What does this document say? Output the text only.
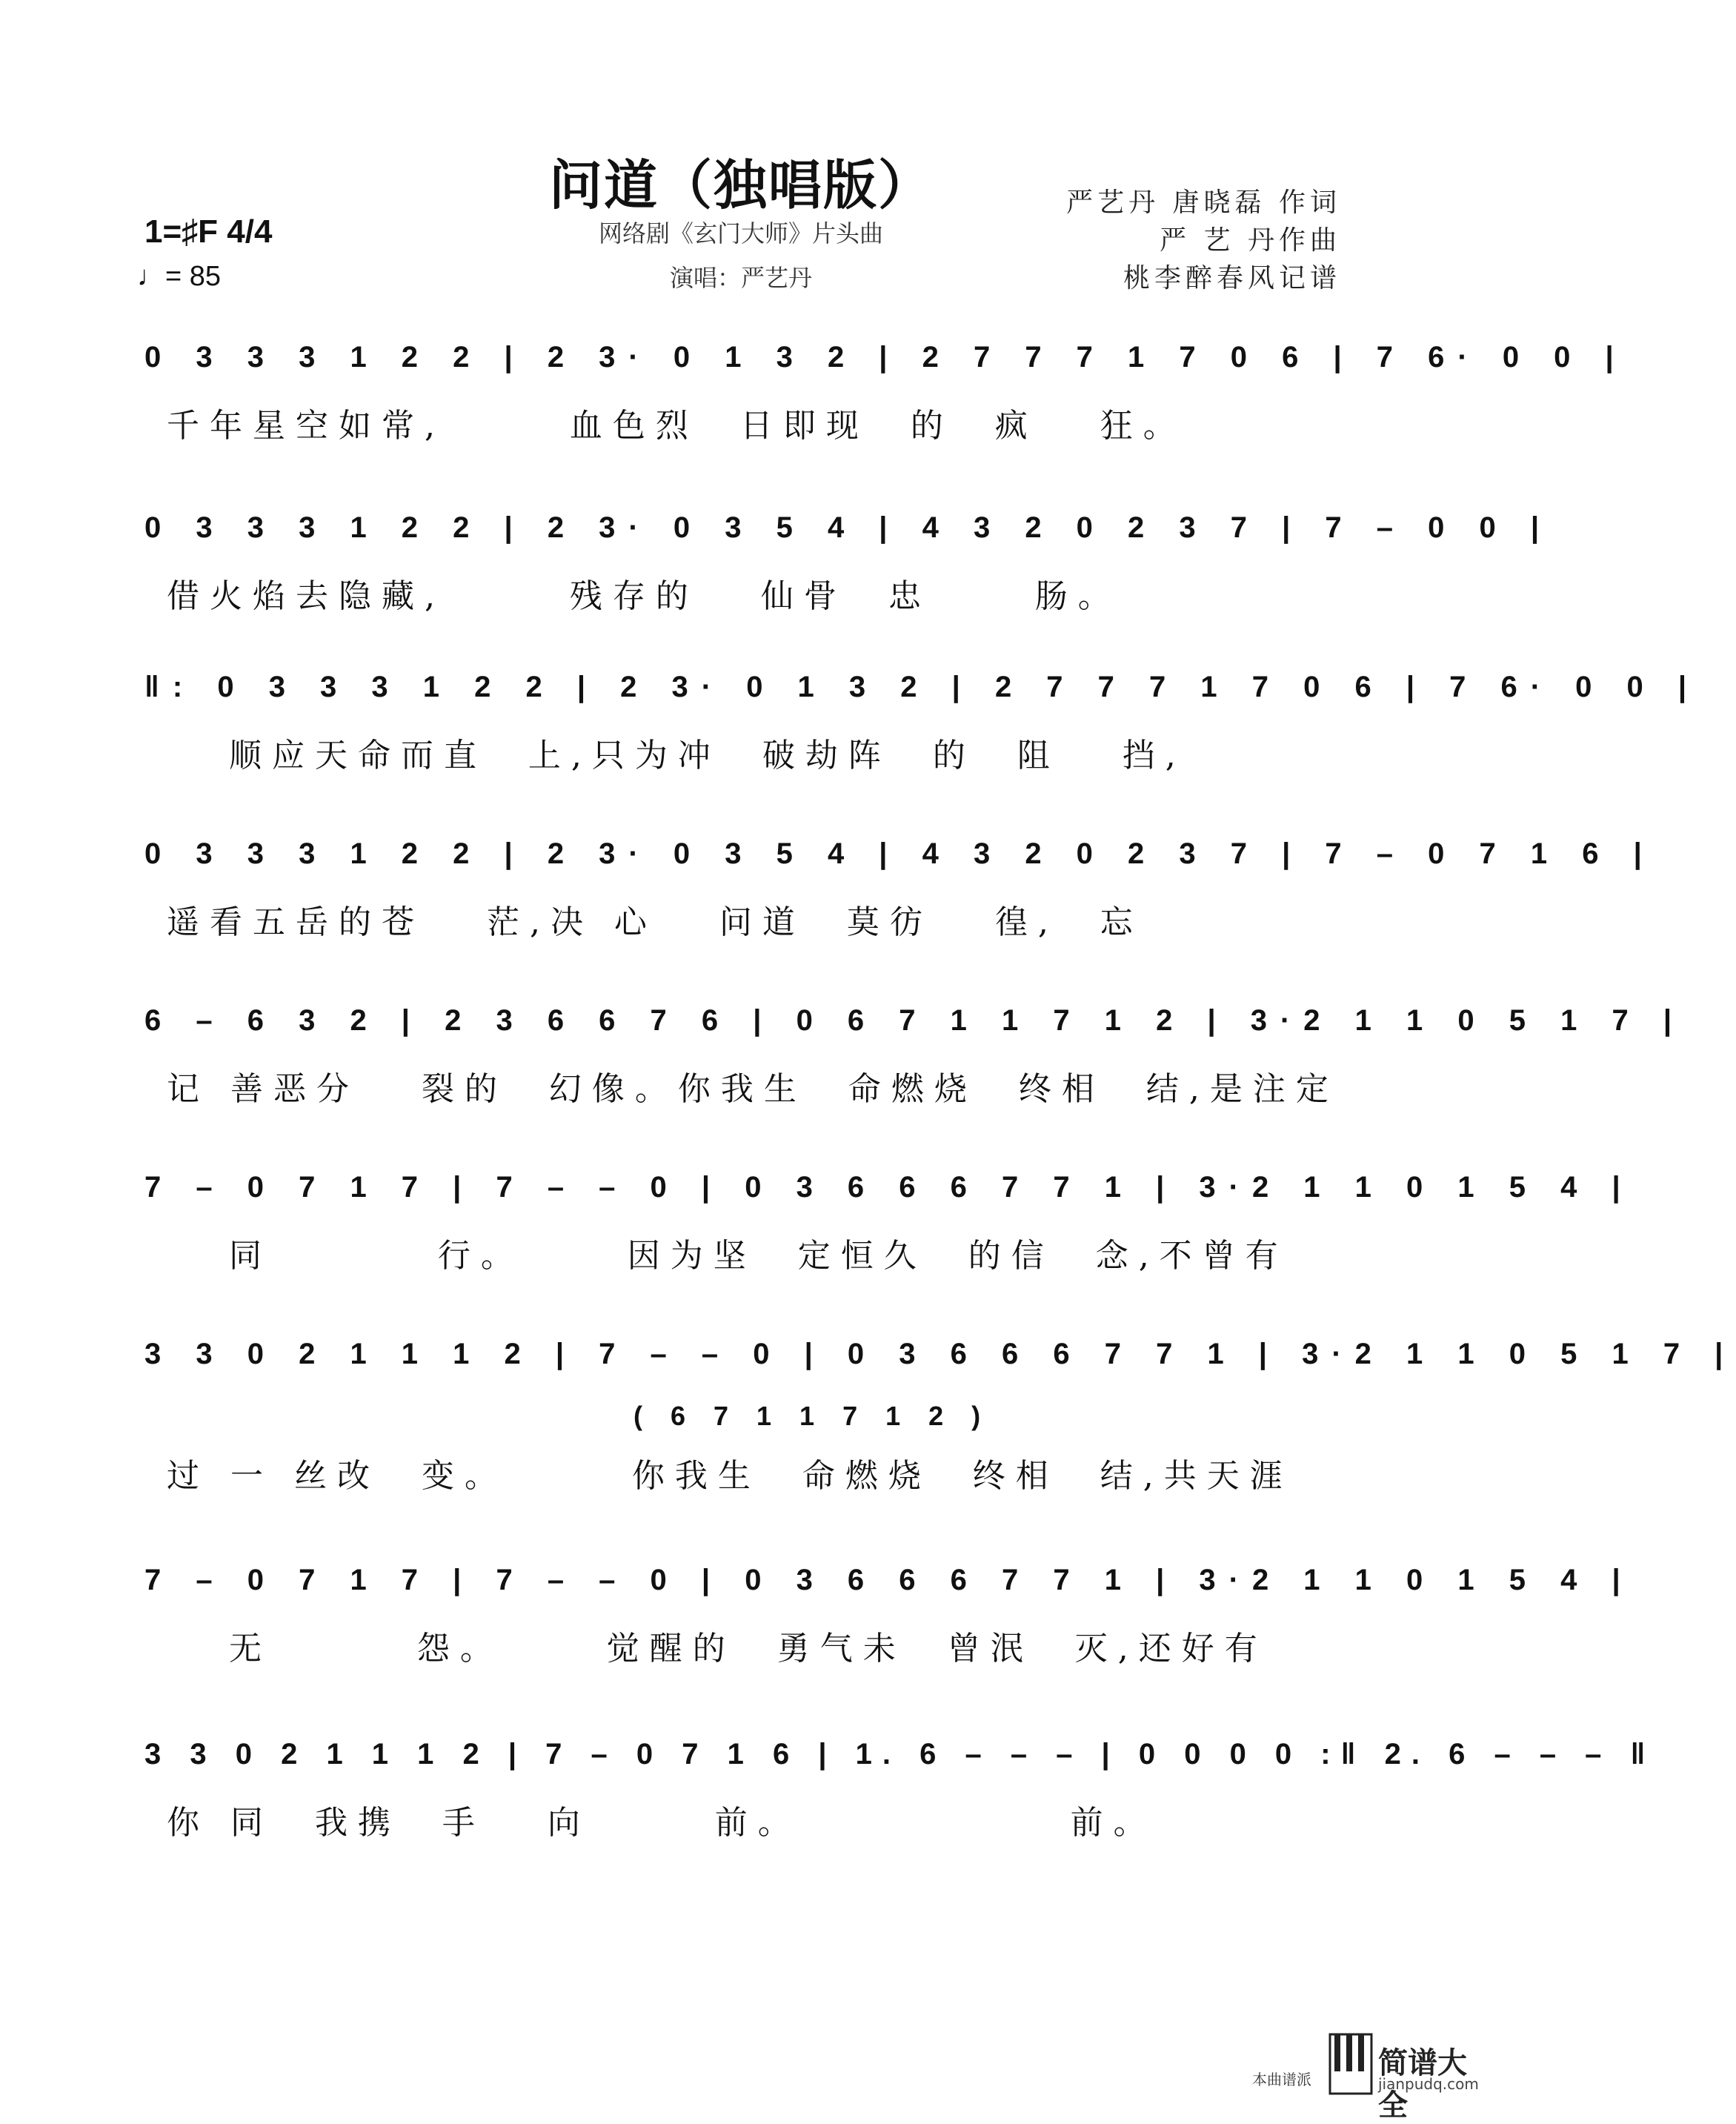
问道（独唱版）
网络剧《玄门大师》片头曲
演唱：严艺丹
严艺丹 唐晓磊 作词
严 艺 丹作曲
桃李醉春风记谱
1=♯F 4/4
♩= 85
0 3 3 3 1 2 2 | 2 3· 0 1 3 2 | 2 7 7 7 1 7 0 6 | 7 6· 0 0 |
千年星空如常,      血色烈  日即现  的  疯   狂。
0 3 3 3 1 2 2 | 2 3· 0 3 5 4 | 4 3 2 0 2 3 7 | 7 – 0 0 |
借火焰去隐藏,      残存的   仙骨  忠     肠。
‖: 0 3 3 3 1 2 2 | 2 3· 0 1 3 2 | 2 7 7 7 1 7 0 6 | 7 6· 0 0 |
顺应天命而直  上,只为冲  破劫阵  的  阻   挡,
0 3 3 3 1 2 2 | 2 3· 0 3 5 4 | 4 3 2 0 2 3 7 | 7 – 0 7 1 6 |
遥看五岳的苍   茫,决 心   问道  莫彷   徨,  忘
6 – 6 3 2 | 2 3 6 6 7 6 | 0 6 7 1 1 7 1 2 | 3·2 1 1 0 5 1 7 |
记 善恶分   裂的  幻像。你我生  命燃烧  终相  结,是注定
7 – 0 7 1 7 | 7 – – 0 | 0 3 6 6 6 7 7 1 | 3·2 1 1 0 1 5 4 |
同        行。     因为坚  定恒久  的信  念,不曾有
3 3 0 2 1 1 1 2 | 7 – – 0 | 0 3 6 6 6 7 7 1 | 3·2 1 1 0 5 1 7 |
( 6 7 1 1 7 1 2 )
过 一 丝改  变。      你我生  命燃烧  终相  结,共天涯
7 – 0 7 1 7 | 7 – – 0 | 0 3 6 6 6 7 7 1 | 3·2 1 1 0 1 5 4 |
无       怨。     觉醒的  勇气未  曾泯  灭,还好有
3 3 0 2 1 1 1 2 | 7 – 0 7 1 6 | 1. 6 – – – | 0 0 0 0 :‖ 2. 6 – – – ‖
你 同  我携  手   向      前。             前。
本曲谱派 简谱大全
jianpudq.com
